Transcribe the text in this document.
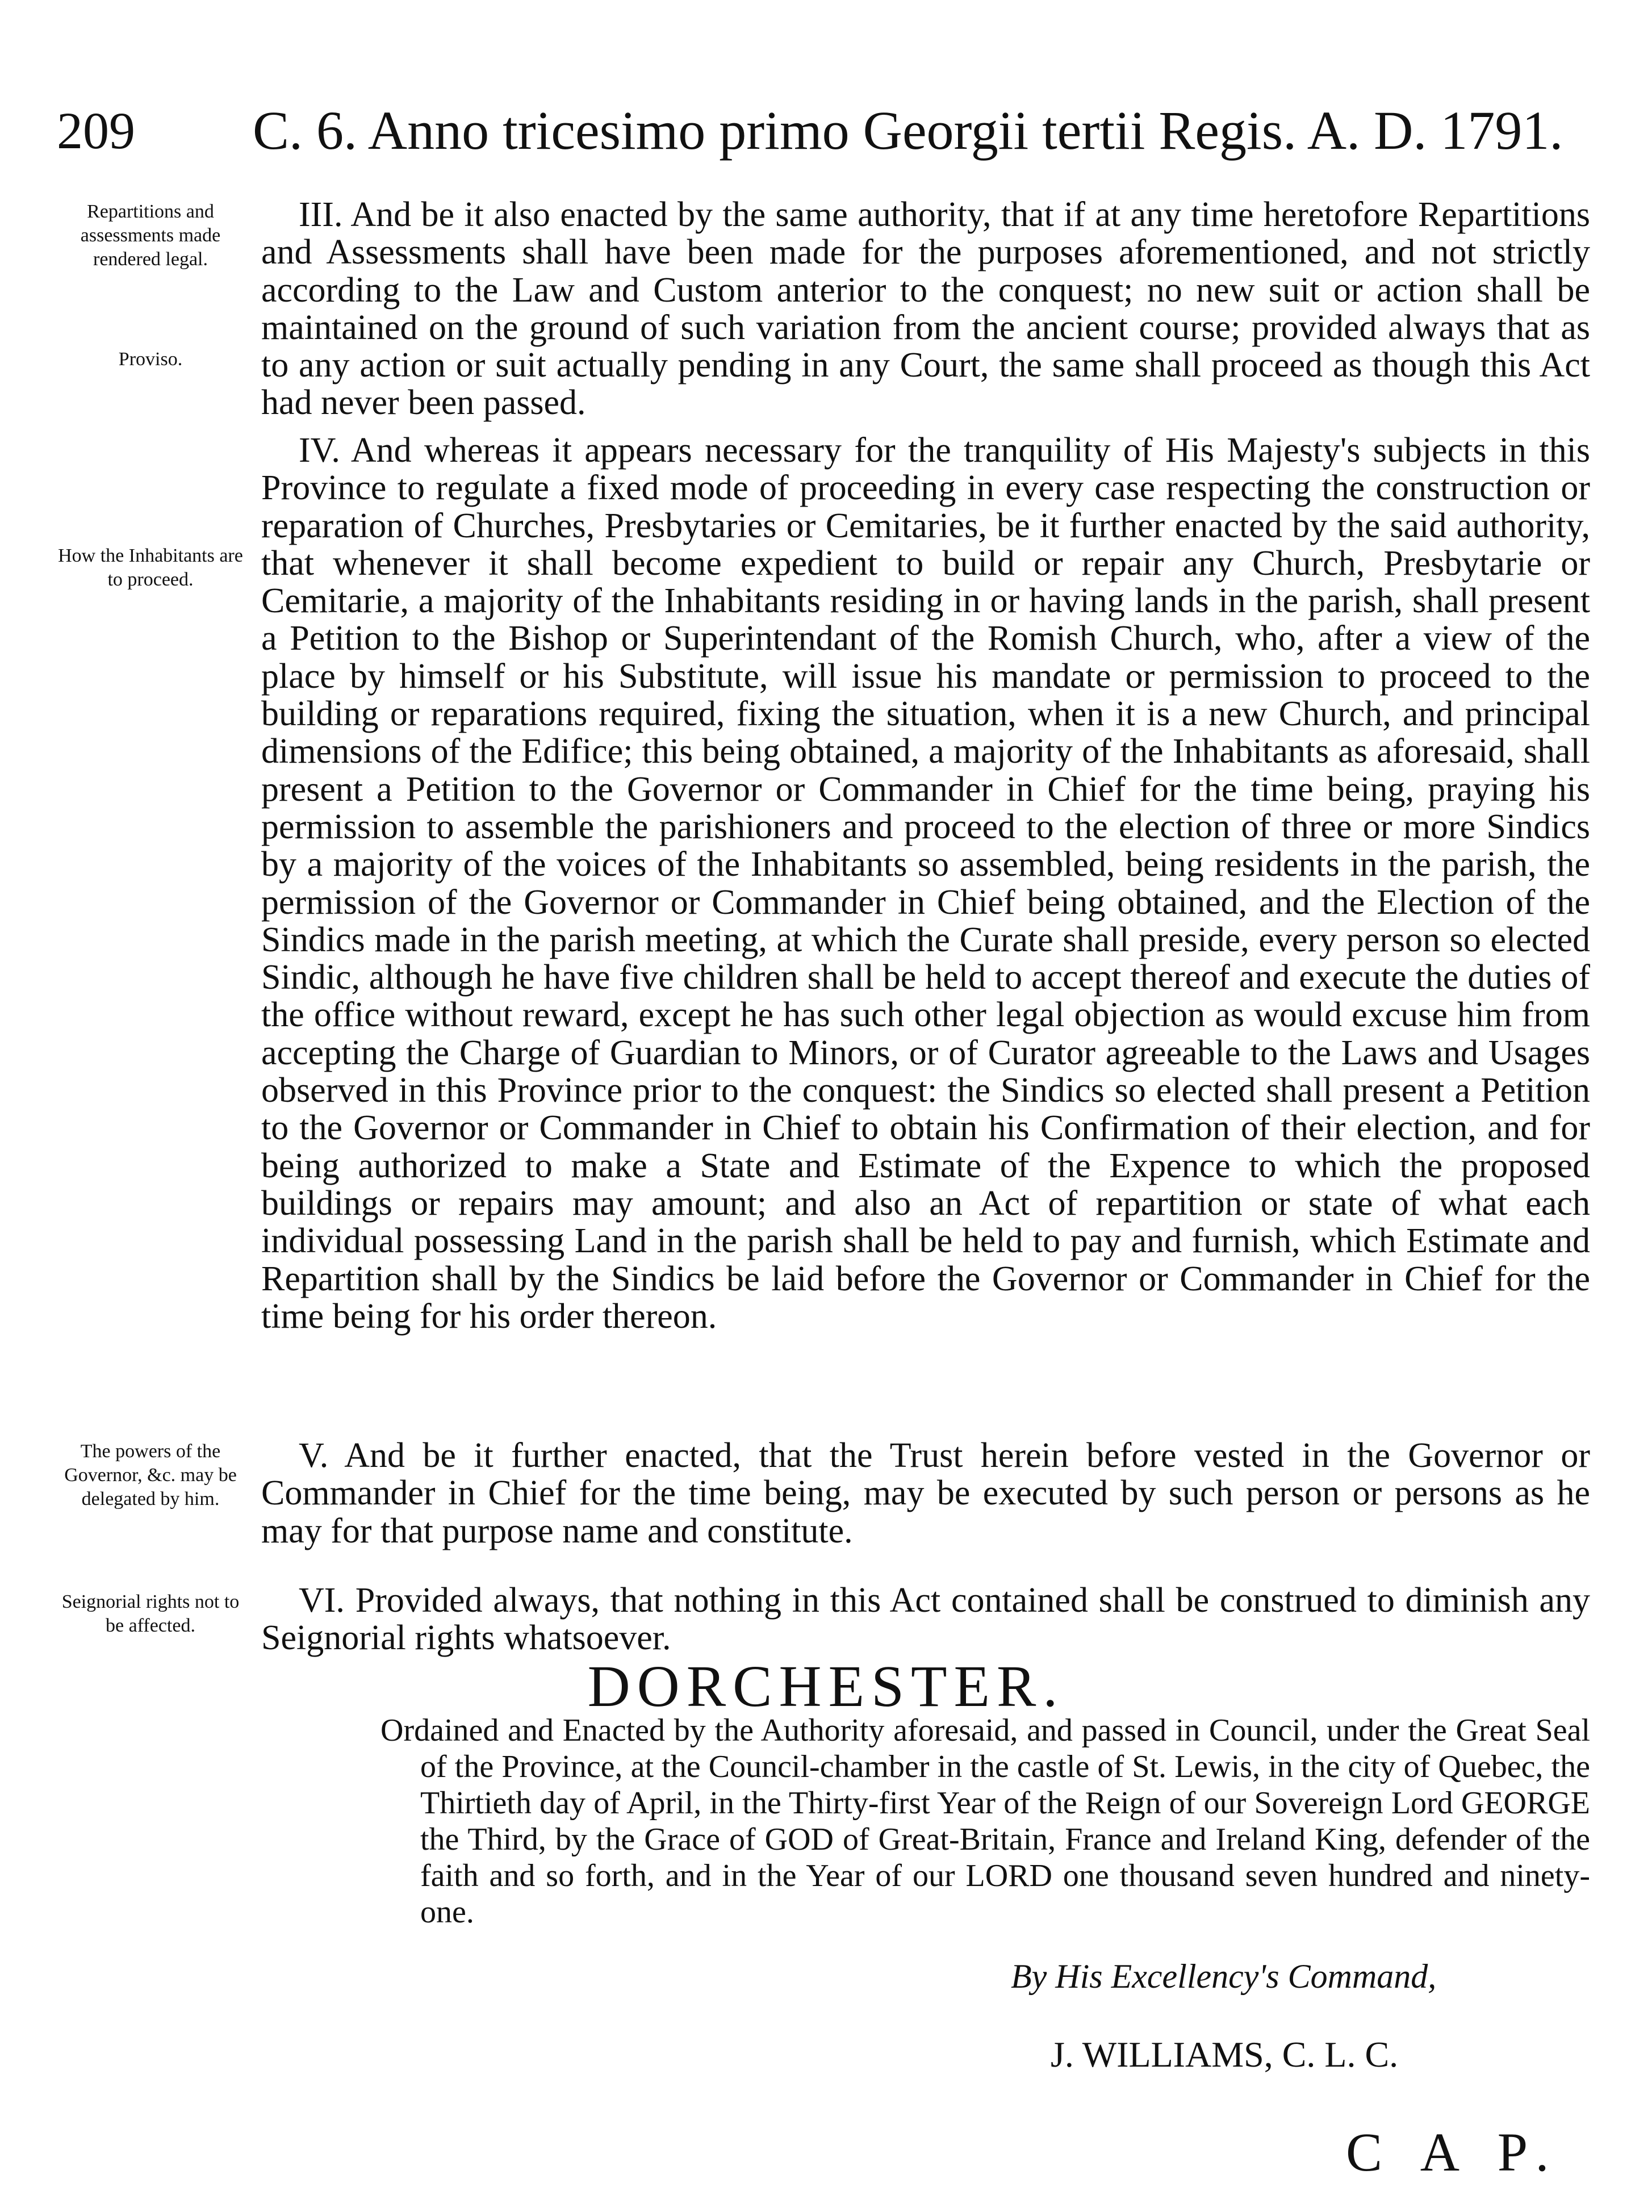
209 C. 6. Anno tricesimo primo Georgii tertii Regis. A. D. 1791.
Repartitions and assessments made rendered legal.
Proviso.
How the Inhabitants are to proceed.
The powers of the Governor, &c. may be delegated by him.
Seignorial rights not to be affected.
III. And be it also enacted by the same authority, that if at any time heretofore Repartitions and Assessments shall have been made for the purposes aforementioned, and not strictly according to the Law and Custom anterior to the conquest; no new suit or action shall be maintained on the ground of such variation from the ancient course; provided always that as to any action or suit actually pending in any Court, the same shall proceed as though this Act had never been passed.
IV. And whereas it appears necessary for the tranquility of His Majesty's subjects in this Province to regulate a fixed mode of proceeding in every case respecting the construction or reparation of Churches, Presbytaries or Cemitaries, be it further enacted by the said authority, that whenever it shall become expedient to build or repair any Church, Presbytarie or Cemitarie, a majority of the Inhabitants residing in or having lands in the parish, shall present a Petition to the Bishop or Superintendant of the Romish Church, who, after a view of the place by himself or his Substitute, will issue his mandate or permission to proceed to the building or reparations required, fixing the situation, when it is a new Church, and principal dimensions of the Edifice; this being obtained, a majority of the Inhabitants as aforesaid, shall present a Petition to the Governor or Commander in Chief for the time being, praying his permission to assemble the parishioners and proceed to the election of three or more Sindics by a majority of the voices of the Inhabitants so assembled, being residents in the parish, the permission of the Governor or Commander in Chief being obtained, and the Election of the Sindics made in the parish meeting, at which the Curate shall preside, every person so elected Sindic, although he have five children shall be held to accept thereof and execute the duties of the office without reward, except he has such other legal objection as would excuse him from accepting the Charge of Guardian to Minors, or of Curator agreeable to the Laws and Usages observed in this Province prior to the conquest: the Sindics so elected shall present a Petition to the Governor or Commander in Chief to obtain his Confirmation of their election, and for being authorized to make a State and Estimate of the Expence to which the proposed buildings or repairs may amount; and also an Act of repartition or state of what each individual possessing Land in the parish shall be held to pay and furnish, which Estimate and Repartition shall by the Sindics be laid before the Governor or Commander in Chief for the time being for his order thereon.
V. And be it further enacted, that the Trust herein before vested in the Governor or Commander in Chief for the time being, may be executed by such person or persons as he may for that purpose name and constitute.
VI. Provided always, that nothing in this Act contained shall be construed to diminish any Seignorial rights whatsoever.
DORCHESTER.
Ordained and Enacted by the Authority aforesaid, and passed in Council, under the Great Seal of the Province, at the Council-chamber in the castle of St. Lewis, in the city of Quebec, the Thirtieth day of April, in the Thirty-first Year of the Reign of our Sovereign Lord GEORGE the Third, by the Grace of GOD of Great-Britain, France and Ireland King, defender of the faith and so forth, and in the Year of our LORD one thousand seven hundred and ninety-one.
By His Excellency's Command,
J. WILLIAMS, C. L. C.
C A P.
